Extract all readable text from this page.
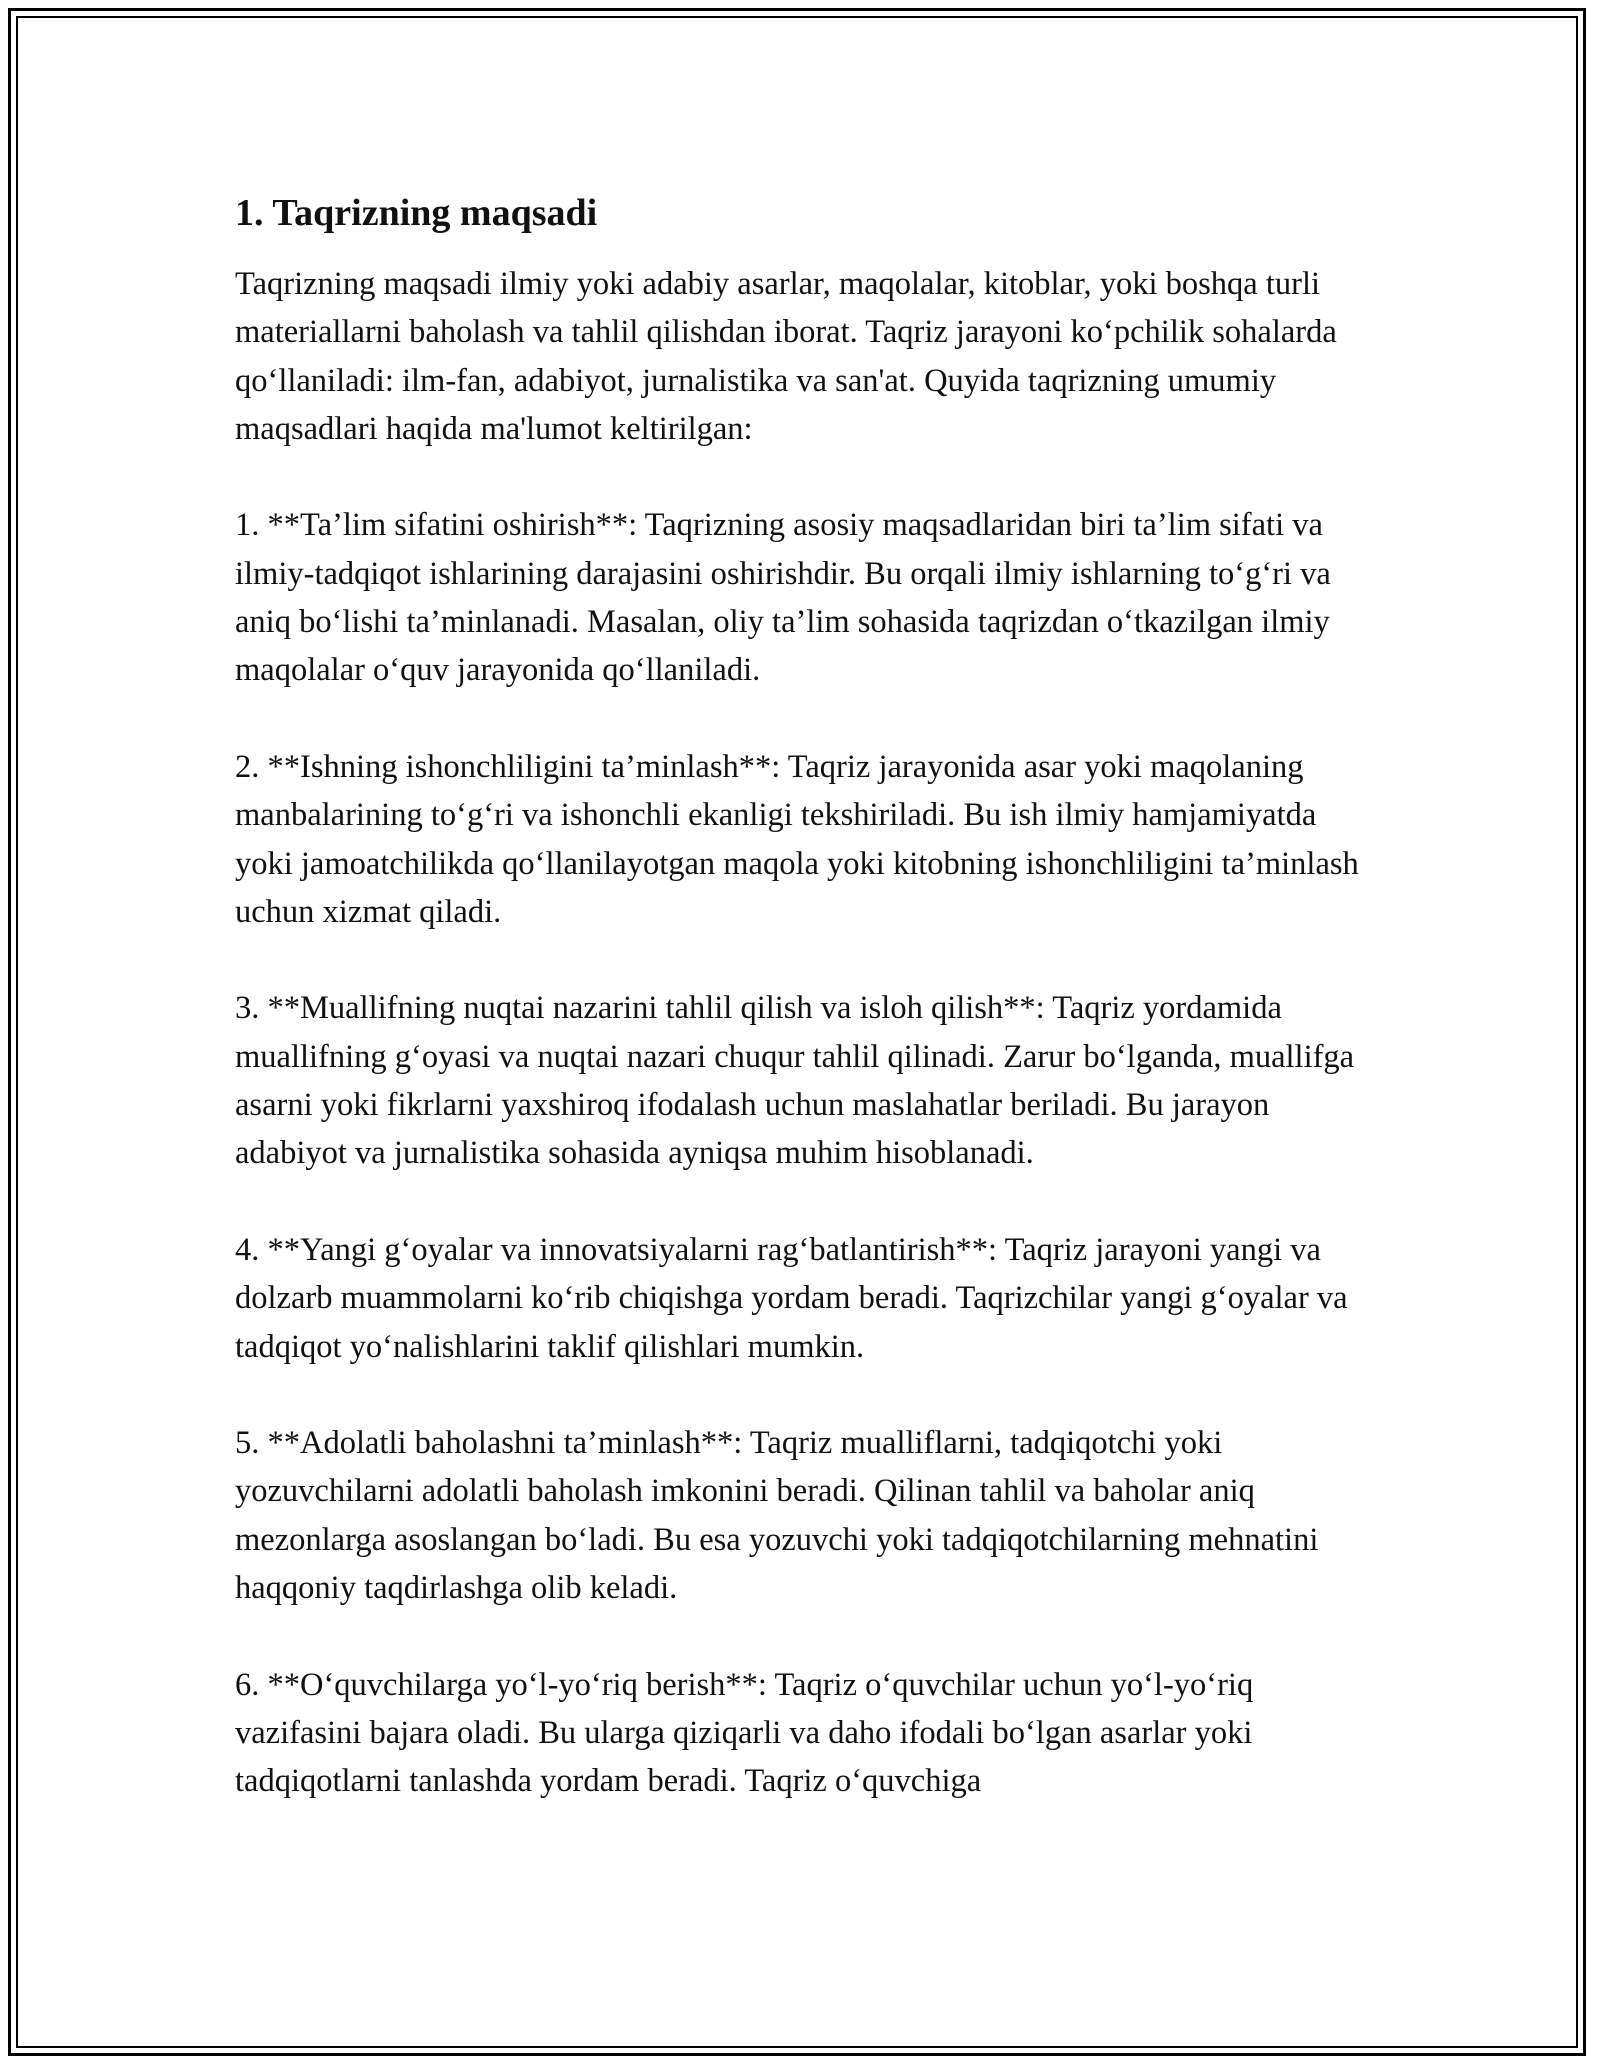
1. Taqrizning maqsadi

Taqrizning maqsadi ilmiy yoki adabiy asarlar, maqolalar, kitoblar, yoki boshqa turli materiallarni baholash va tahlil qilishdan iborat. Taqriz jarayoni ko‘pchilik sohalarda qo‘llaniladi: ilm-fan, adabiyot, jurnalistika va san'at. Quyida taqrizning umumiy maqsadlari haqida ma'lumot keltirilgan:

1. **Ta’lim sifatini oshirish**: Taqrizning asosiy maqsadlaridan biri ta’lim sifati va ilmiy-tadqiqot ishlarining darajasini oshirishdir. Bu orqali ilmiy ishlarning to‘g‘ri va aniq bo‘lishi ta’minlanadi. Masalan, oliy ta’lim sohasida taqrizdan o‘tkazilgan ilmiy maqolalar o‘quv jarayonida qo‘llaniladi.

2. **Ishning ishonchliligini ta’minlash**: Taqriz jarayonida asar yoki maqolaning manbalarining to‘g‘ri va ishonchli ekanligi tekshiriladi. Bu ish ilmiy hamjamiyatda yoki jamoatchilikda qo‘llanilayotgan maqola yoki kitobning ishonchliligini ta’minlash uchun xizmat qiladi.

3. **Muallifning nuqtai nazarini tahlil qilish va isloh qilish**: Taqriz yordamida muallifning g‘oyasi va nuqtai nazari chuqur tahlil qilinadi. Zarur bo‘lganda, muallifga asarni yoki fikrlarni yaxshiroq ifodalash uchun maslahatlar beriladi. Bu jarayon adabiyot va jurnalistika sohasida ayniqsa muhim hisoblanadi.

4. **Yangi g‘oyalar va innovatsiyalarni rag‘batlantirish**: Taqriz jarayoni yangi va dolzarb muammolarni ko‘rib chiqishga yordam beradi. Taqrizchilar yangi g‘oyalar va tadqiqot yo‘nalishlarini taklif qilishlari mumkin.

5. **Adolatli baholashni ta’minlash**: Taqriz mualliflarni, tadqiqotchi yoki yozuvchilarni adolatli baholash imkonini beradi. Qilinan tahlil va baholar aniq mezonlarga asoslangan bo‘ladi. Bu esa yozuvchi yoki tadqiqotchilarning mehnatini haqqoniy taqdirlashga olib keladi.

6. **O‘quvchilarga yo‘l-yo‘riq berish**: Taqriz o‘quvchilar uchun yo‘l-yo‘riq vazifasini bajara oladi. Bu ularga qiziqarli va daho ifodali bo‘lgan asarlar yoki tadqiqotlarni tanlashda yordam beradi. Taqriz o‘quvchiga
